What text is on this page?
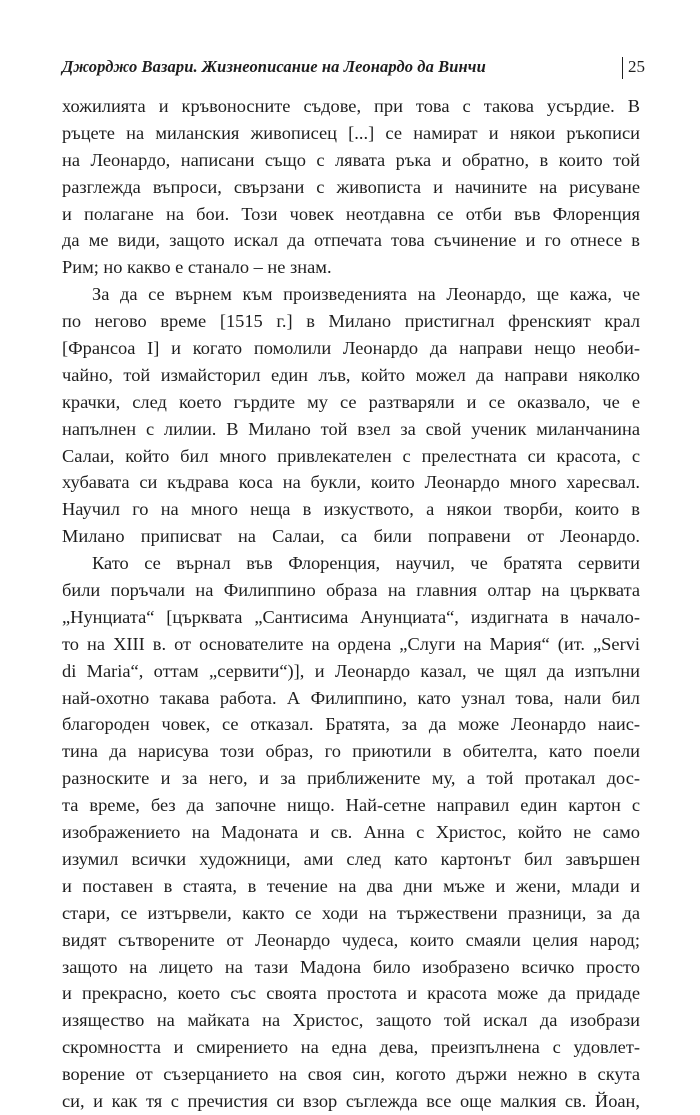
Джорджо Вазари. Жизнеописание на Леонардо да Винчи	25
хожилията и кръвоносните съдове, при това с такова усърдие. В
ръцете на миланския живописец [...] се намират и някои ръкописи
на Леонардо, написани също с лявата ръка и обратно, в които той
разглежда въпроси, свързани с живописта и начините на рисуване
и полагане на бои. Този човек неотдавна се отби във Флоренция
да ме види, защото искал да отпечата това съчинение и го отнесе в
Рим; но какво е станало – не знам.
За да се върнем към произведенията на Леонардо, ще кажа, че
по негово време [1515 г.] в Милано пристигнал френският крал
[Франсоа I] и когато помолили Леонардо да направи нещо необи-
чайно, той измайсторил един лъв, който можел да направи няколко
крачки, след което гърдите му се разтваряли и се оказвало, че е
напълнен с лилии. В Милано той взел за свой ученик миланчанина
Салаи, който бил много привлекателен с прелестната си красота, с
хубавата си къдрава коса на букли, които Леонардо много харесвал.
Научил го на много неща в изкуството, а някои творби, които в
Милано приписват на Салаи, са били поправени от Леонардо.
Като се върнал във Флоренция, научил, че братята сервити
били поръчали на Филиппино образа на главния олтар на църквата
„Нунциата“ [църквата „Сантисима Анунциата“, издигната в начало-
то на XIII в. от основателите на ордена „Слуги на Мария“ (ит. „Servi
di Maria“, оттам „сервити“)], и Леонардо казал, че щял да изпълни
най-охотно такава работа. А Филиппино, като узнал това, нали бил
благороден човек, се отказал. Братята, за да може Леонардо наис-
тина да нарисува този образ, го приютили в обителта, като поели
разноските и за него, и за приближените му, а той протакал дос-
та време, без да започне нищо. Най-сетне направил един картон с
изображението на Мадоната и св. Анна с Христос, който не само
изумил всички художници, ами след като картонът бил завършен
и поставен в стаята, в течение на два дни мъже и жени, млади и
стари, се изтървели, както се ходи на тържествени празници, за да
видят сътворените от Леонардо чудеса, които смаяли целия народ;
защото на лицето на тази Мадона било изобразено всичко просто
и прекрасно, което със своята простота и красота може да придаде
изящество на майката на Христос, защото той искал да изобрази
скромността и смирението на една дева, преизпълнена с удовлет-
ворение от съзерцанието на своя син, когото държи нежно в скута
си, и как тя с пречистия си взор съглежда все още малкия св. Йоан,
